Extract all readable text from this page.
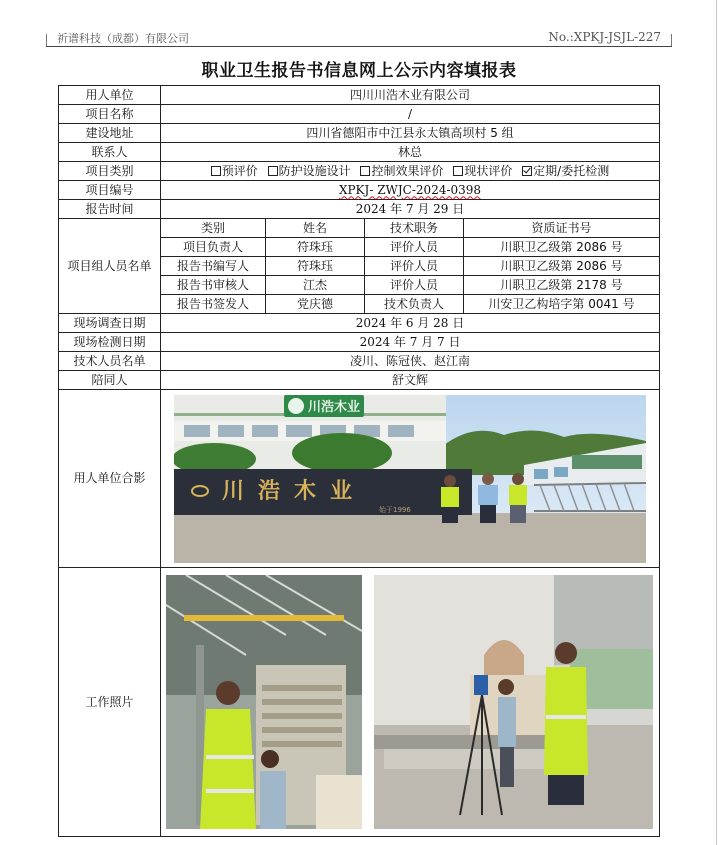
祈谱科技（成都）有限公司	No.:XPKJ-JSJL-227
职业卫生报告书信息网上公示内容填报表
用人单位	四川川浩木业有限公司			
项目名称	/			
建设地址	四川省德阳市中江县永太镇高坝村 5 组			
联系人	林总			
项目类别	预评价 防护设施设计 控制效果评价 现状评价 定期/委托检测			
项目编号	XPKJ- ZWJC-2024-0398			
报告时间	2024 年 7 月 29 日			
项目组人员名单	类别	姓名	技术职务	资质证书号
	项目负责人	符珠珏	评价人员	川职卫乙级第 2086 号
	报告书编写人	符珠珏	评价人员	川职卫乙级第 2086 号
	报告书审核人	江杰	评价人员	川职卫乙级第 2178 号
	报告书签发人	党庆德	技术负责人	川安卫乙构培字第 0041 号
现场调查日期	2024 年 6 月 28 日			
现场检测日期	2024 年 7 月 7 日			
技术人员名单	凌川、陈冠侠、赵江南			
陪同人	舒文辉			
用人单位合影	川浩木业
川浩木业
始于1996			

工作照片	
